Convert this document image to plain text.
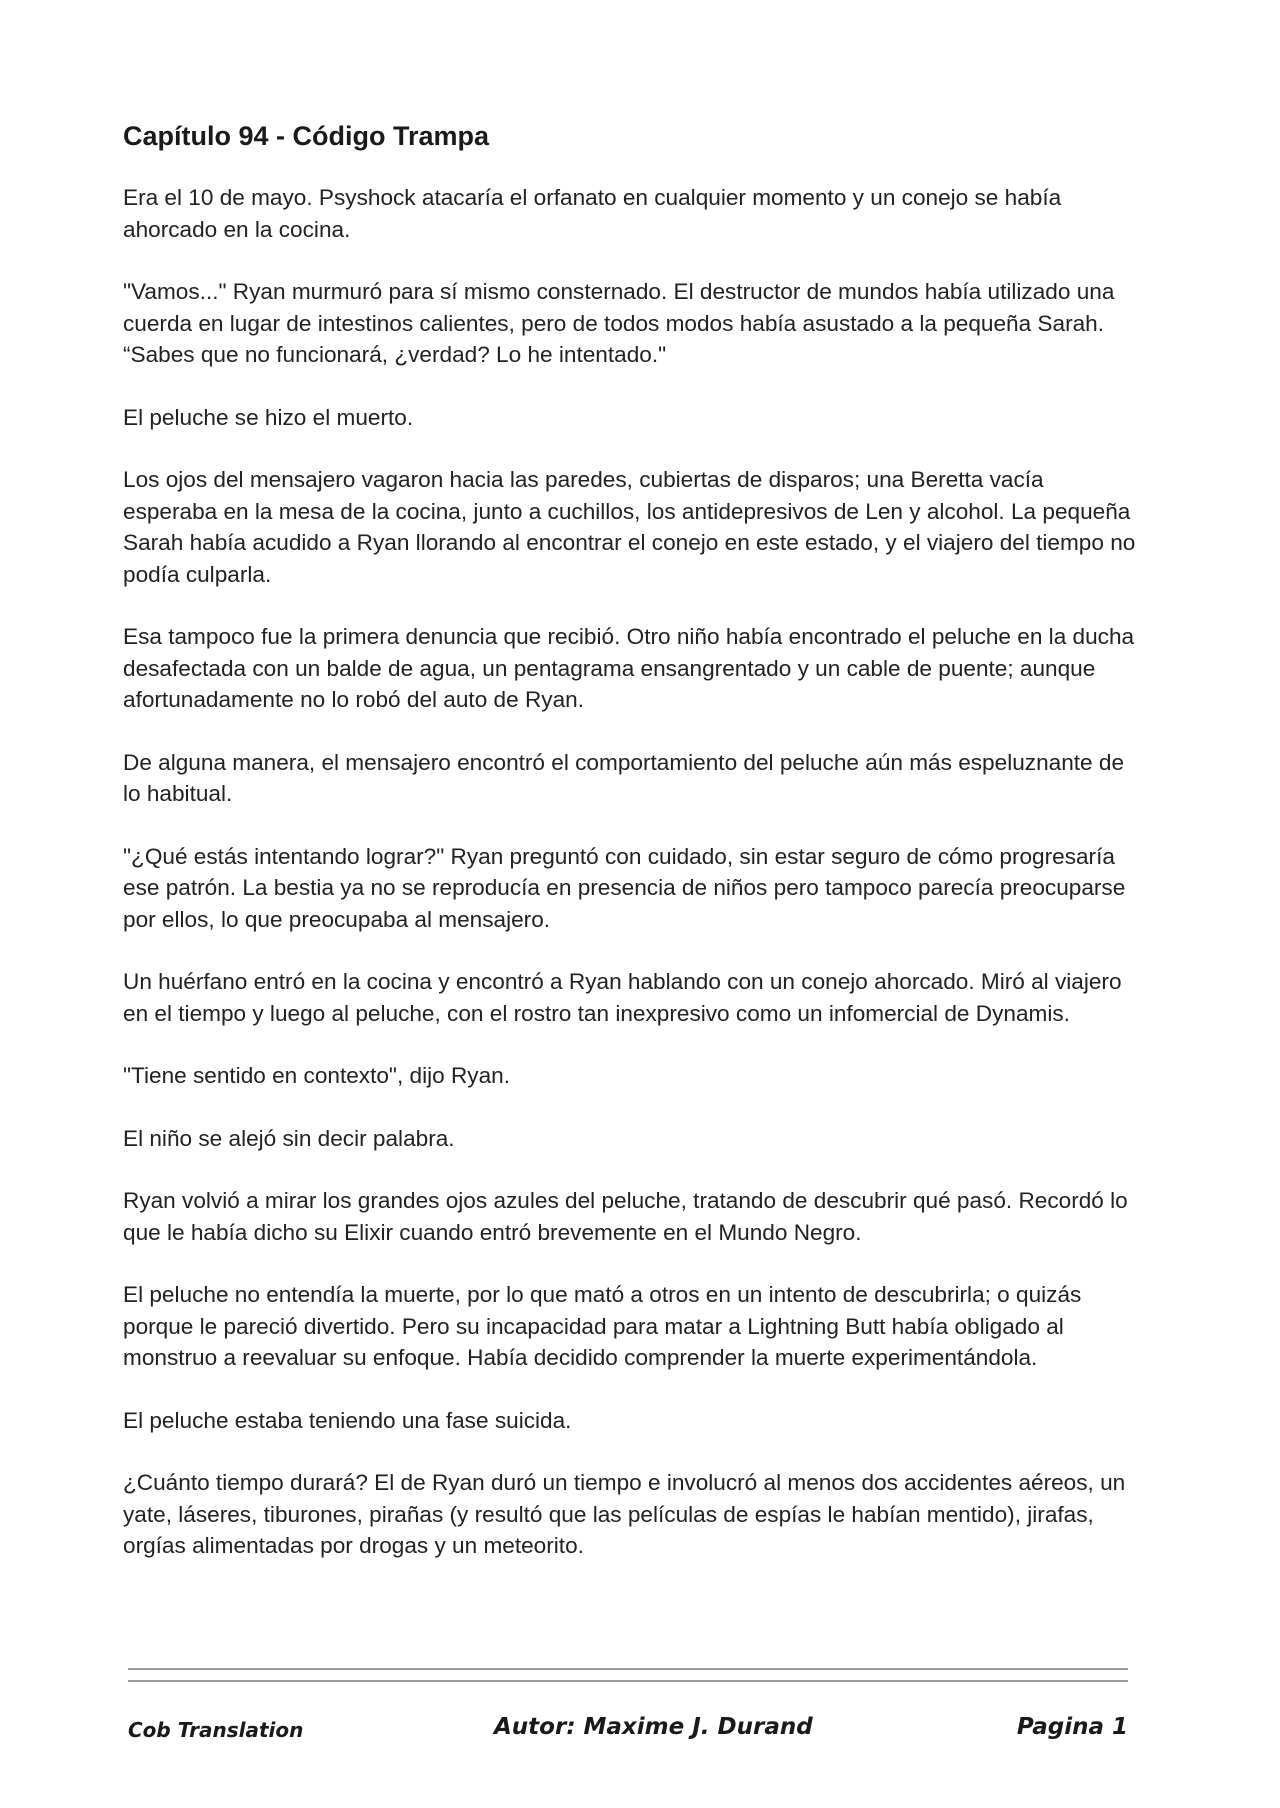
Capítulo 94 - Código Trampa

Era el 10 de mayo. Psyshock atacaría el orfanato en cualquier momento y un conejo se había ahorcado en la cocina.

"Vamos..." Ryan murmuró para sí mismo consternado. El destructor de mundos había utilizado una cuerda en lugar de intestinos calientes, pero de todos modos había asustado a la pequeña Sarah. “Sabes que no funcionará, ¿verdad? Lo he intentado."

El peluche se hizo el muerto.

Los ojos del mensajero vagaron hacia las paredes, cubiertas de disparos; una Beretta vacía esperaba en la mesa de la cocina, junto a cuchillos, los antidepresivos de Len y alcohol. La pequeña Sarah había acudido a Ryan llorando al encontrar el conejo en este estado, y el viajero del tiempo no podía culparla.

Esa tampoco fue la primera denuncia que recibió. Otro niño había encontrado el peluche en la ducha desafectada con un balde de agua, un pentagrama ensangrentado y un cable de puente; aunque afortunadamente no lo robó del auto de Ryan.

De alguna manera, el mensajero encontró el comportamiento del peluche aún más espeluznante de lo habitual.

"¿Qué estás intentando lograr?" Ryan preguntó con cuidado, sin estar seguro de cómo progresaría ese patrón. La bestia ya no se reproducía en presencia de niños pero tampoco parecía preocuparse por ellos, lo que preocupaba al mensajero.

Un huérfano entró en la cocina y encontró a Ryan hablando con un conejo ahorcado. Miró al viajero en el tiempo y luego al peluche, con el rostro tan inexpresivo como un infomercial de Dynamis.

"Tiene sentido en contexto", dijo Ryan.

El niño se alejó sin decir palabra.

Ryan volvió a mirar los grandes ojos azules del peluche, tratando de descubrir qué pasó. Recordó lo que le había dicho su Elixir cuando entró brevemente en el Mundo Negro.

El peluche no entendía la muerte, por lo que mató a otros en un intento de descubrirla; o quizás porque le pareció divertido. Pero su incapacidad para matar a Lightning Butt había obligado al monstruo a reevaluar su enfoque. Había decidido comprender la muerte experimentándola.

El peluche estaba teniendo una fase suicida.

¿Cuánto tiempo durará? El de Ryan duró un tiempo e involucró al menos dos accidentes aéreos, un yate, láseres, tiburones, pirañas (y resultó que las películas de espías le habían mentido), jirafas, orgías alimentadas por drogas y un meteorito.

Cob Translation	Autor: Maxime J. Durand	Pagina 1
